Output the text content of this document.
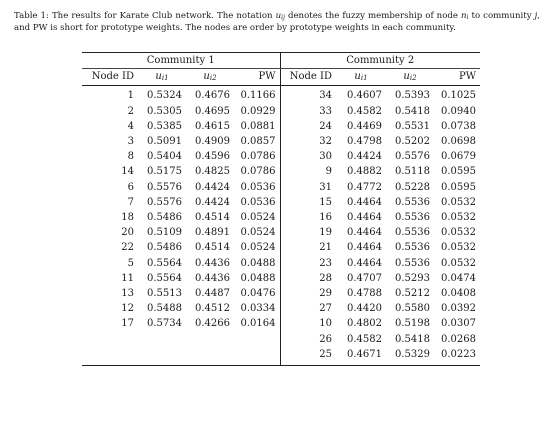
Table 1: The results for Karate Club network. The notation $u_{ij}$ denotes the fuzzy membership of node $n_i$ to community j, and PW is short for prototype weights. The nodes are order by prototype weights in each community.
Community 1				Community 2			
Node ID	$u_{i1}$	$u_{i2}$	PW	Node ID	$u_{i1}$	$u_{i2}$	PW
1	0.5324	0.4676	0.1166	34	0.4607	0.5393	0.1025
2	0.5305	0.4695	0.0929	33	0.4582	0.5418	0.0940
4	0.5385	0.4615	0.0881	24	0.4469	0.5531	0.0738
3	0.5091	0.4909	0.0857	32	0.4798	0.5202	0.0698
8	0.5404	0.4596	0.0786	30	0.4424	0.5576	0.0679
14	0.5175	0.4825	0.0786	9	0.4882	0.5118	0.0595
6	0.5576	0.4424	0.0536	31	0.4772	0.5228	0.0595
7	0.5576	0.4424	0.0536	15	0.4464	0.5536	0.0532
18	0.5486	0.4514	0.0524	16	0.4464	0.5536	0.0532
20	0.5109	0.4891	0.0524	19	0.4464	0.5536	0.0532
22	0.5486	0.4514	0.0524	21	0.4464	0.5536	0.0532
5	0.5564	0.4436	0.0488	23	0.4464	0.5536	0.0532
11	0.5564	0.4436	0.0488	28	0.4707	0.5293	0.0474
13	0.5513	0.4487	0.0476	29	0.4788	0.5212	0.0408
12	0.5488	0.4512	0.0334	27	0.4420	0.5580	0.0392
17	0.5734	0.4266	0.0164	10	0.4802	0.5198	0.0307
				26	0.4582	0.5418	0.0268
				25	0.4671	0.5329	0.0223
